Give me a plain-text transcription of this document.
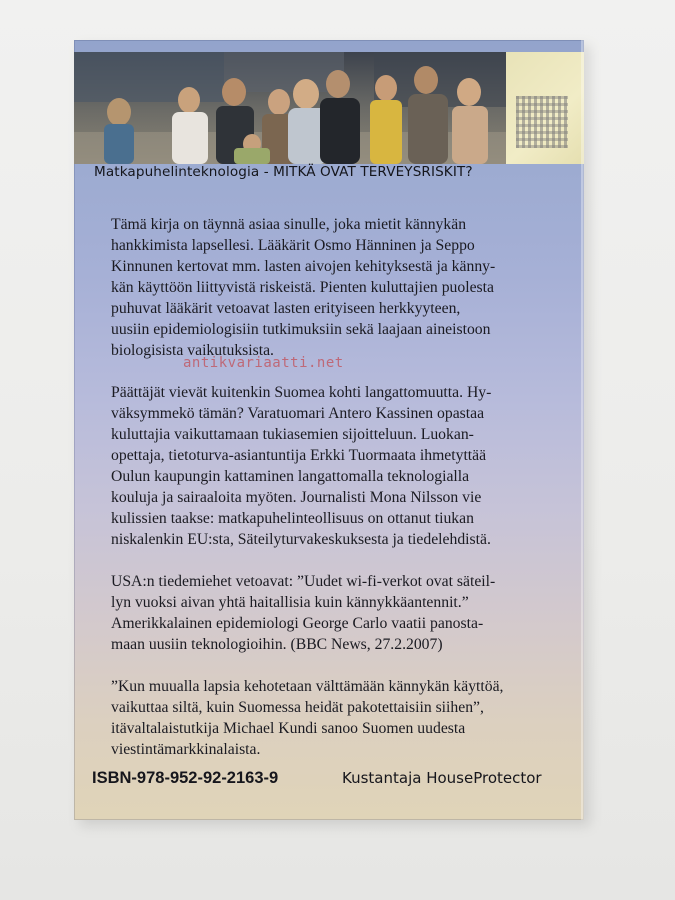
Matkapuhelinteknologia - MITKÄ OVAT TERVEYSRISKIT?

Tämä kirja on täynnä asiaa sinulle, joka mietit kännykän
hankkimista lapsellesi. Lääkärit Osmo Hänninen ja Seppo
Kinnunen kertovat mm. lasten aivojen kehityksestä ja känny-
kän käyttöön liittyvistä riskeistä. Pienten kuluttajien puolesta
puhuvat lääkärit vetoavat lasten erityiseen herkkyyteen,
uusiin epidemiologisiin tutkimuksiin sekä laajaan aineistoon
biologisista vaikutuksista.

Päättäjät vievät kuitenkin Suomea kohti langattomuutta. Hy-
väksymmekö tämän? Varatuomari Antero Kassinen opastaa
kuluttajia vaikuttamaan tukiasemien sijoitteluun. Luokan-
opettaja, tietoturva-asiantuntija Erkki Tuormaata ihmetyttää
Oulun kaupungin kattaminen langattomalla teknologialla
kouluja ja sairaaloita myöten. Journalisti Mona Nilsson vie
kulissien taakse: matkapuhelinteollisuus on ottanut tiukan
niskalenkin EU:sta, Säteilyturvakeskuksesta ja tiedelehdistä.

USA:n tiedemiehet vetoavat: ”Uudet wi-fi-verkot ovat säteil-
lyn vuoksi aivan yhtä haitallisia kuin kännykkäantennit.”
Amerikkalainen epidemiologi George Carlo vaatii panosta-
maan uusiin teknologioihin. (BBC News, 27.2.2007)

”Kun muualla lapsia kehotetaan välttämään kännykän käyttöä,
vaikuttaa siltä, kuin Suomessa heidät pakotettaisiin siihen”,
itävaltalaistutkija Michael Kundi sanoo Suomen uudesta
viestintämarkkinalaista.

ISBN-978-952-92-2163-9	Kustantaja HouseProtector
antikvariaatti.net
